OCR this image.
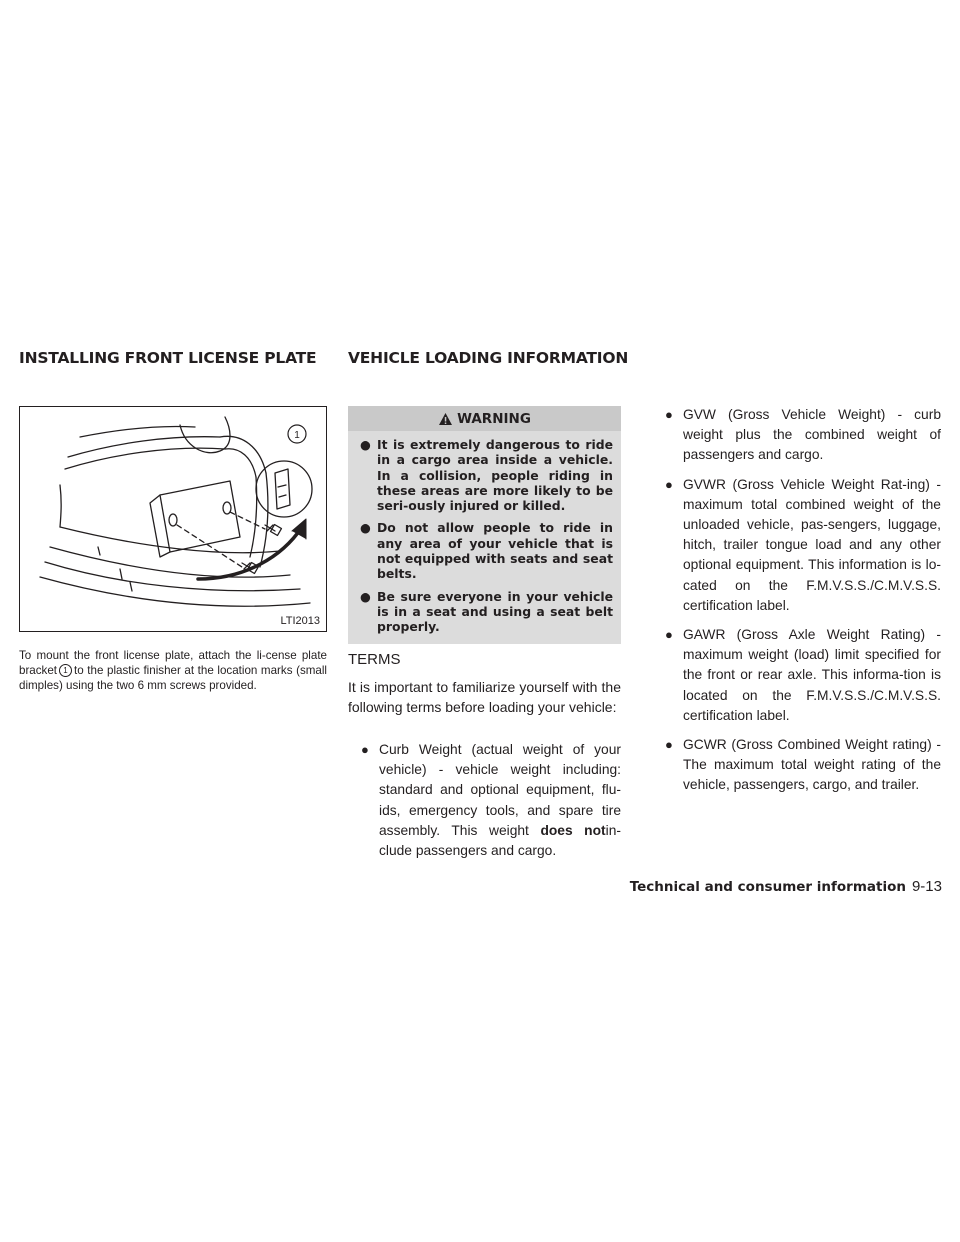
INSTALLING FRONT LICENSE PLATE VEHICLE LOADING INFORMATION
1
LTI2013

To mount the front license plate, attach the li-cense plate bracket 1 to the plastic finisher at the location marks (small dimples) using the two 6 mm screws provided.

WARNING
● It is extremely dangerous to ride in a cargo area inside a vehicle. In a collision, people riding in these areas are more likely to be seri-ously injured or killed.
● Do not allow people to ride in any area of your vehicle that is not equipped with seats and seat belts.
● Be sure everyone in your vehicle is in a seat and using a seat belt properly.
TERMS

It is important to familiarize yourself with the following terms before loading your vehicle:

● Curb Weight (actual weight of your vehicle) - vehicle weight including: standard and optional equipment, flu-ids, emergency tools, and spare tire assembly. This weight does notin-clude passengers and cargo.
● GVW (Gross Vehicle Weight) - curb weight plus the combined weight of passengers and cargo.
● GVWR (Gross Vehicle Weight Rat-ing) - maximum total combined weight of the unloaded vehicle, pas-sengers, luggage, hitch, trailer tongue load and any other optional equipment. This information is lo-cated on the F.M.V.S.S./C.M.V.S.S. certification label.
● GAWR (Gross Axle Weight Rating) - maximum weight (load) limit specified for the front or rear axle. This informa-tion is located on the F.M.V.S.S./C.M.V.S.S. certification label.
● GCWR (Gross Combined Weight rating) - The maximum total weight rating of the vehicle, passengers, cargo, and trailer.
Technical and consumer information 9-13
